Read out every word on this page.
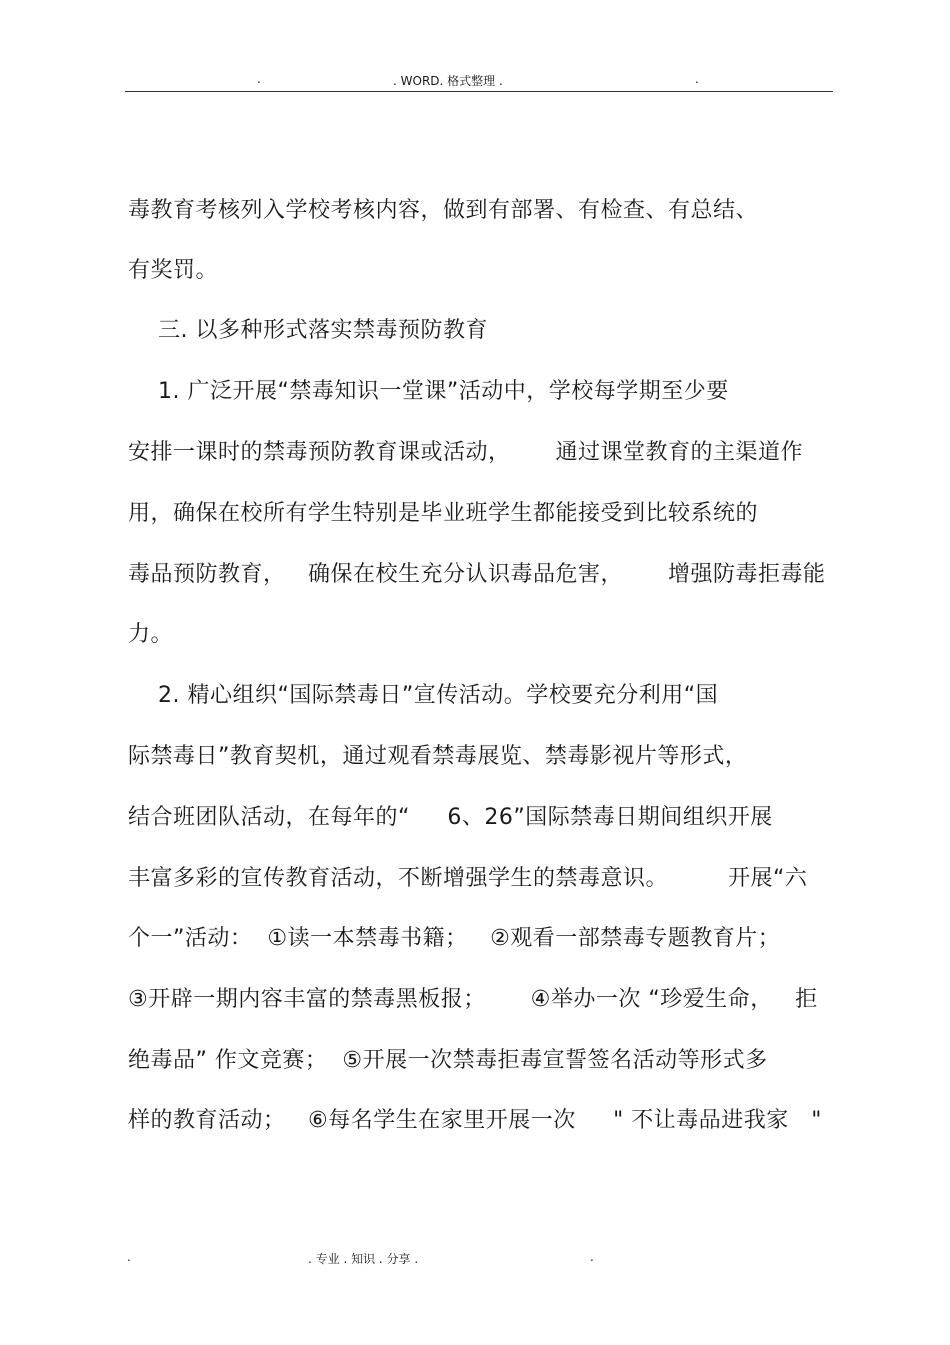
.	. WORD. 格式整理 .	.
毒教育考核列入学校考核内容，做到有部署、有检查、有总结、
有奖罚。
三. 以多种形式落实禁毒预防教育
1. 广泛开展“禁毒知识一堂课”活动中，学校每学期至少要
安排一课时的禁毒预防教育课或活动，      通过课堂教育的主渠道作
用，确保在校所有学生特别是毕业班学生都能接受到比较系统的
毒品预防教育，   确保在校生充分认识毒品危害，      增强防毒拒毒能
力。
2. 精心组织“国际禁毒日”宣传活动。学校要充分利用“国
际禁毒日”教育契机，通过观看禁毒展览、禁毒影视片等形式，
结合班团队活动，在每年的“     6、26”国际禁毒日期间组织开展
丰富多彩的宣传教育活动，不断增强学生的禁毒意识。        开展“六
个一”活动：  ①读一本禁毒书籍；   ②观看一部禁毒专题教育片；
③开辟一期内容丰富的禁毒黑板报；      ④举办一次 “珍爱生命，   拒
绝毒品” 作文竞赛；  ⑤开展一次禁毒拒毒宣誓签名活动等形式多
样的教育活动；   ⑥每名学生在家里开展一次     " 不让毒品进我家   "
.	. 专业 . 知识 . 分享 .	.
